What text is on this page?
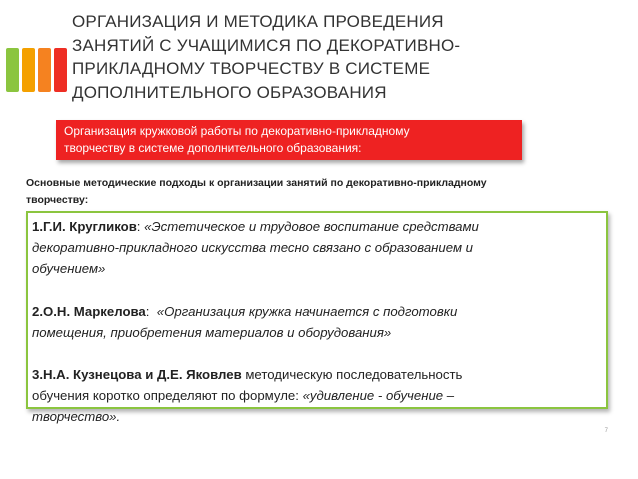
ОРГАНИЗАЦИЯ И МЕТОДИКА ПРОВЕДЕНИЯ
ЗАНЯТИЙ С УЧАЩИМИСЯ ПО ДЕКОРАТИВНО-
ПРИКЛАДНОМУ ТВОРЧЕСТВУ В СИСТЕМЕ
ДОПОЛНИТЕЛЬНОГО ОБРАЗОВАНИЯ
Организация кружковой работы по декоративно-прикладному
творчеству в системе дополнительного образования:
Основные методические подходы к организации занятий по декоративно-прикладному
творчеству:

1.Г.И. Кругликов: «Эстетическое и трудовое воспитание средствами
декоративно-прикладного искусства тесно связано с образованием и
обучением»

2.О.Н. Маркелова:  «Организация кружка начинается с подготовки
помещения, приобретения материалов и оборудования»

3.Н.А. Кузнецова и Д.Е. Яковлев методическую последовательность
обучения коротко определяют по формуле: «удивление - обучение –
творчество».

7
